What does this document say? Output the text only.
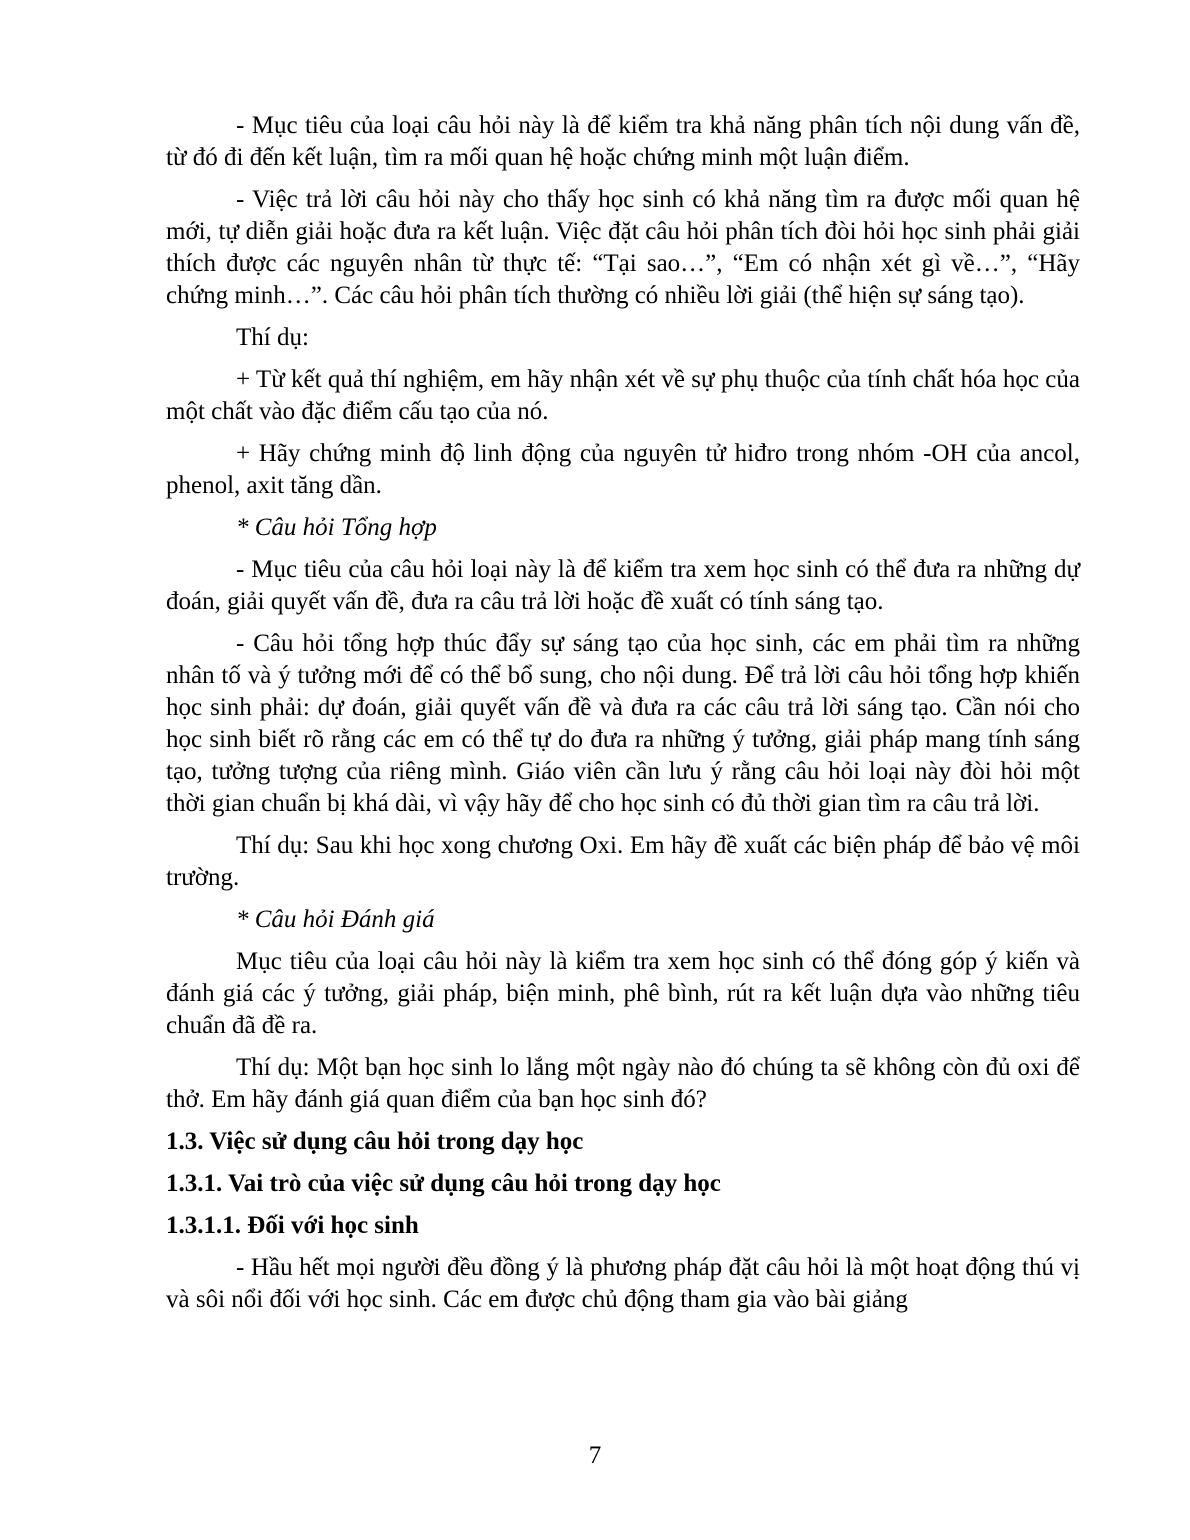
- Mục tiêu của loại câu hỏi này là để kiểm tra khả năng phân tích nội dung vấn đề, từ đó đi đến kết luận, tìm ra mối quan hệ hoặc chứng minh một luận điểm.

- Việc trả lời câu hỏi này cho thấy học sinh có khả năng tìm ra được mối quan hệ mới, tự diễn giải hoặc đưa ra kết luận. Việc đặt câu hỏi phân tích đòi hỏi học sinh phải giải thích được các nguyên nhân từ thực tế: “Tại sao…”, “Em có nhận xét gì về…”, “Hãy chứng minh…”. Các câu hỏi phân tích thường có nhiều lời giải (thể hiện sự sáng tạo).

Thí dụ:

+ Từ kết quả thí nghiệm, em hãy nhận xét về sự phụ thuộc của tính chất hóa học của một chất vào đặc điểm cấu tạo của nó.

+ Hãy chứng minh độ linh động của nguyên tử hiđro trong nhóm -OH của ancol, phenol, axit tăng dần.

* Câu hỏi Tổng hợp

- Mục tiêu của câu hỏi loại này là để kiểm tra xem học sinh có thể đưa ra những dự đoán, giải quyết vấn đề, đưa ra câu trả lời hoặc đề xuất có tính sáng tạo.

- Câu hỏi tổng hợp thúc đẩy sự sáng tạo của học sinh, các em phải tìm ra những nhân tố và ý tưởng mới để có thể bổ sung, cho nội dung. Để trả lời câu hỏi tổng hợp khiến học sinh phải: dự đoán, giải quyết vấn đề và đưa ra các câu trả lời sáng tạo. Cần nói cho học sinh biết rõ rằng các em có thể tự do đưa ra những ý tưởng, giải pháp mang tính sáng tạo, tưởng tượng của riêng mình. Giáo viên cần lưu ý rằng câu hỏi loại này đòi hỏi một thời gian chuẩn bị khá dài, vì vậy hãy để cho học sinh có đủ thời gian tìm ra câu trả lời.

Thí dụ: Sau khi học xong chương Oxi. Em hãy đề xuất các biện pháp để bảo vệ môi trường.

* Câu hỏi Đánh giá

Mục tiêu của loại câu hỏi này là kiểm tra xem học sinh có thể đóng góp ý kiến và đánh giá các ý tưởng, giải pháp, biện minh, phê bình, rút ra kết luận dựa vào những tiêu chuẩn đã đề ra.

Thí dụ: Một bạn học sinh lo lắng một ngày nào đó chúng ta sẽ không còn đủ oxi để thở. Em hãy đánh giá quan điểm của bạn học sinh đó?

1.3. Việc sử dụng câu hỏi trong dạy học

1.3.1. Vai trò của việc sử dụng câu hỏi trong dạy học

1.3.1.1. Đối với học sinh

- Hầu hết mọi người đều đồng ý là phương pháp đặt câu hỏi là một hoạt động thú vị và sôi nổi đối với học sinh. Các em được chủ động tham gia vào bài giảng

7
